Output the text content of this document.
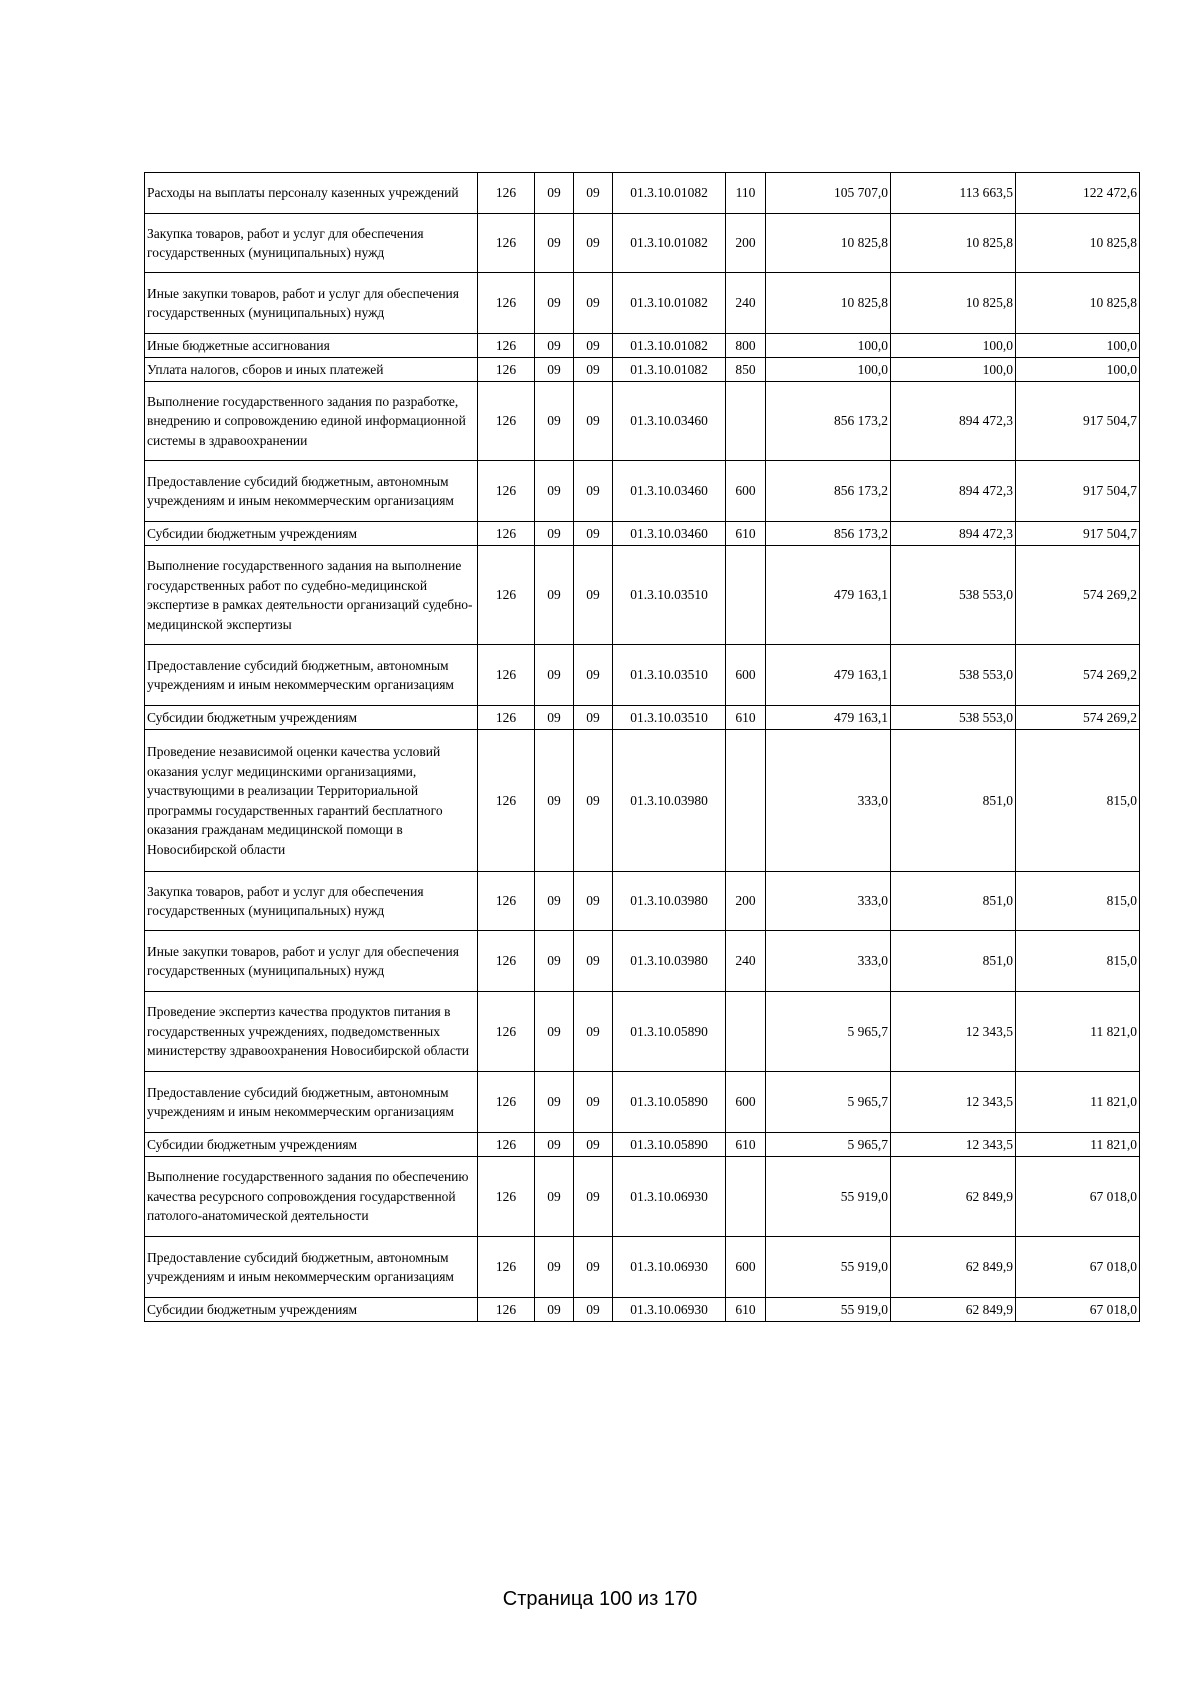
Расходы на выплаты персоналу казенных учреждений	126	09	09	01.3.10.01082	110	105 707,0	113 663,5	122 472,6
Закупка товаров, работ и услуг для обеспечения государственных (муниципальных) нужд	126	09	09	01.3.10.01082	200	10 825,8	10 825,8	10 825,8
Иные закупки товаров, работ и услуг для обеспечения государственных (муниципальных) нужд	126	09	09	01.3.10.01082	240	10 825,8	10 825,8	10 825,8
Иные бюджетные ассигнования	126	09	09	01.3.10.01082	800	100,0	100,0	100,0
Уплата налогов, сборов и иных платежей	126	09	09	01.3.10.01082	850	100,0	100,0	100,0
Выполнение государственного задания по разработке, внедрению и сопровождению единой информационной системы в здравоохранении	126	09	09	01.3.10.03460		856 173,2	894 472,3	917 504,7
Предоставление субсидий бюджетным, автономным учреждениям и иным некоммерческим организациям	126	09	09	01.3.10.03460	600	856 173,2	894 472,3	917 504,7
Субсидии бюджетным учреждениям	126	09	09	01.3.10.03460	610	856 173,2	894 472,3	917 504,7
Выполнение государственного задания на выполнение государственных работ по судебно-медицинской экспертизе в рамках деятельности организаций судебно-медицинской экспертизы	126	09	09	01.3.10.03510		479 163,1	538 553,0	574 269,2
Предоставление субсидий бюджетным, автономным учреждениям и иным некоммерческим организациям	126	09	09	01.3.10.03510	600	479 163,1	538 553,0	574 269,2
Субсидии бюджетным учреждениям	126	09	09	01.3.10.03510	610	479 163,1	538 553,0	574 269,2
Проведение независимой оценки качества условий оказания услуг медицинскими организациями, участвующими в реализации Территориальной программы государственных гарантий бесплатного оказания гражданам медицинской помощи в Новосибирской области	126	09	09	01.3.10.03980		333,0	851,0	815,0
Закупка товаров, работ и услуг для обеспечения государственных (муниципальных) нужд	126	09	09	01.3.10.03980	200	333,0	851,0	815,0
Иные закупки товаров, работ и услуг для обеспечения государственных (муниципальных) нужд	126	09	09	01.3.10.03980	240	333,0	851,0	815,0
Проведение экспертиз качества продуктов питания в государственных учреждениях, подведомственных министерству здравоохранения Новосибирской области	126	09	09	01.3.10.05890		5 965,7	12 343,5	11 821,0
Предоставление субсидий бюджетным, автономным учреждениям и иным некоммерческим организациям	126	09	09	01.3.10.05890	600	5 965,7	12 343,5	11 821,0
Субсидии бюджетным учреждениям	126	09	09	01.3.10.05890	610	5 965,7	12 343,5	11 821,0
Выполнение государственного задания по обеспечению качества ресурсного сопровождения государственной патолого-анатомической деятельности	126	09	09	01.3.10.06930		55 919,0	62 849,9	67 018,0
Предоставление субсидий бюджетным, автономным учреждениям и иным некоммерческим организациям	126	09	09	01.3.10.06930	600	55 919,0	62 849,9	67 018,0
Субсидии бюджетным учреждениям	126	09	09	01.3.10.06930	610	55 919,0	62 849,9	67 018,0
Страница 100 из 170
